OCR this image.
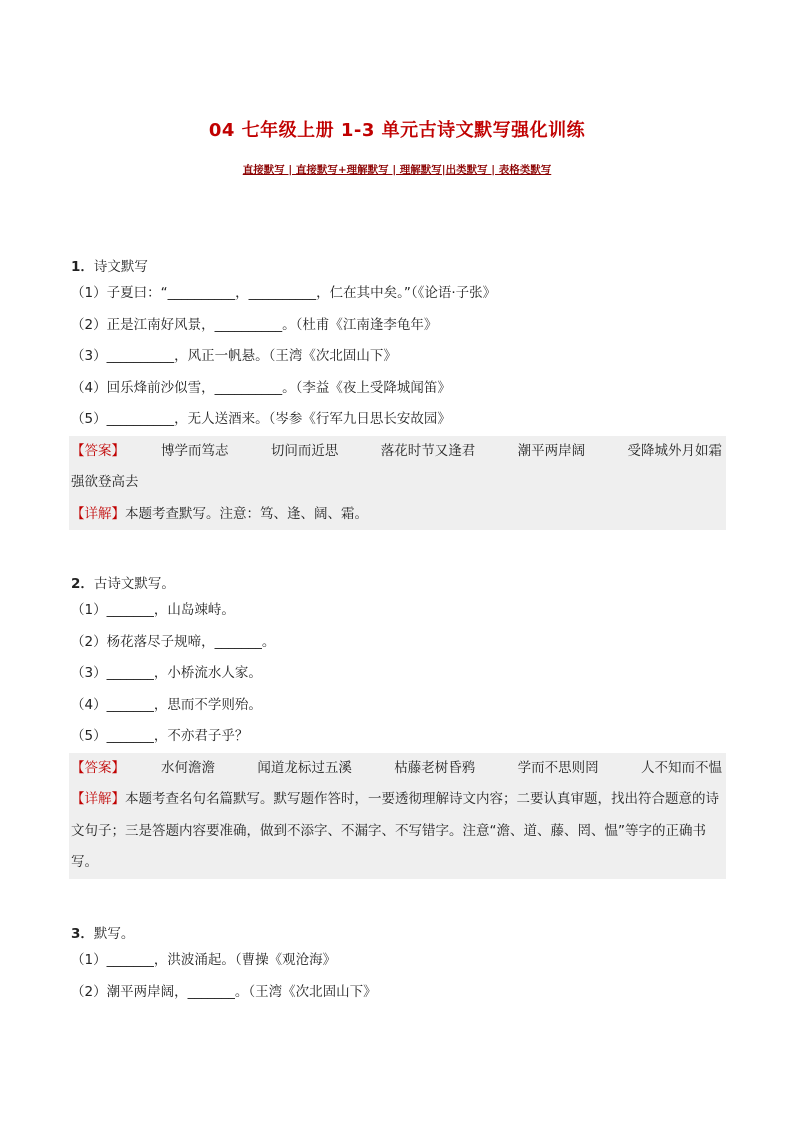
04 七年级上册 1-3 单元古诗文默写强化训练
直接默写 | 直接默写+理解默写 | 理解默写|出类默写 | 表格类默写
1．诗文默写
（1）子夏曰：“__________，__________，仁在其中矣。”（《论语·子张》
（2）正是江南好风景，__________。（杜甫《江南逢李龟年》
（3）__________，风正一帆悬。（王湾《次北固山下》
（4）回乐烽前沙似雪，__________。（李益《夜上受降城闻笛》
（5）__________，无人送酒来。（岑参《行军九日思长安故园》
【答案】	博学而笃志	切问而近思	落花时节又逢君	潮平两岸阔	受降城外月如霜
强欲登高去
【详解】本题考查默写。注意：笃、逢、阔、霜。
2．古诗文默写。
（1）_______，山岛竦峙。
（2）杨花落尽子规啼，_______。
（3）_______，小桥流水人家。
（4）_______，思而不学则殆。
（5）_______，不亦君子乎？
【答案】	水何澹澹	闻道龙标过五溪	枯藤老树昏鸦	学而不思则罔	人不知而不愠
【详解】本题考查名句名篇默写。默写题作答时，一要透彻理解诗文内容；二要认真审题，找出符合题意的诗文句子；三是答题内容要准确，做到不添字、不漏字、不写错字。注意“澹、道、藤、罔、愠”等字的正确书写。
3．默写。
（1）_______，洪波涌起。（曹操《观沧海》
（2）潮平两岸阔，_______。（王湾《次北固山下》
